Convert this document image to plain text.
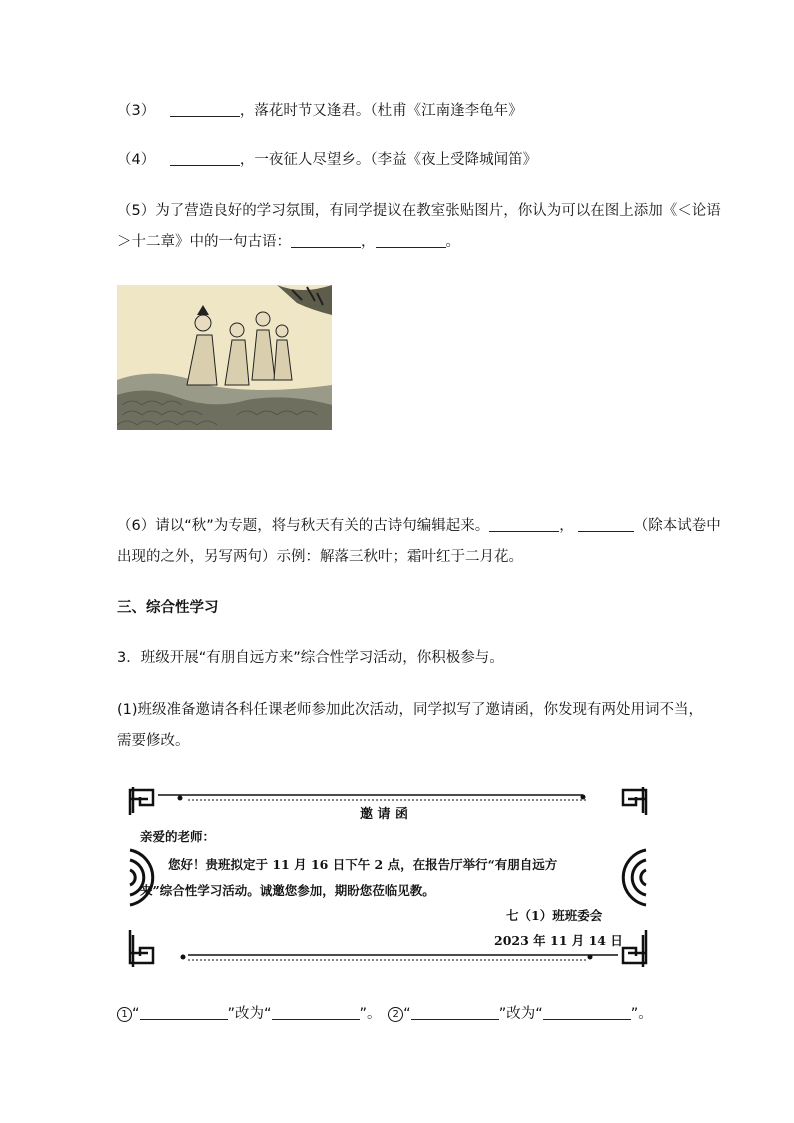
（3）	，落花时节又逢君。（杜甫《江南逢李龟年》
（4）	，一夜征人尽望乡。（李益《夜上受降城闻笛》
（5）为了营造良好的学习氛围，有同学提议在教室张贴图片，你认为可以在图上添加《＜论语
＞十二章》中的一句古语：	，	。
（6）请以“秋”为专题，将与秋天有关的古诗句编辑起来。	，	（除本试卷中
出现的之外，另写两句）示例：解落三秋叶；霜叶红于二月花。
三、综合性学习
3．班级开展“有朋自远方来”综合性学习活动，你积极参与。
(1)班级准备邀请各科任课老师参加此次活动，同学拟写了邀请函，你发现有两处用词不当，
需要修改。
邀 请 函
亲爱的老师：
您好！贵班拟定于 11 月 16 日下午 2 点，在报告厅举行“有朋自远方
来”综合性学习活动。诚邀您参加，期盼您莅临见教。
七（1）班班委会
2023 年 11 月 14 日
1 “	”改为“	”。 2 “	”改为“	”。
